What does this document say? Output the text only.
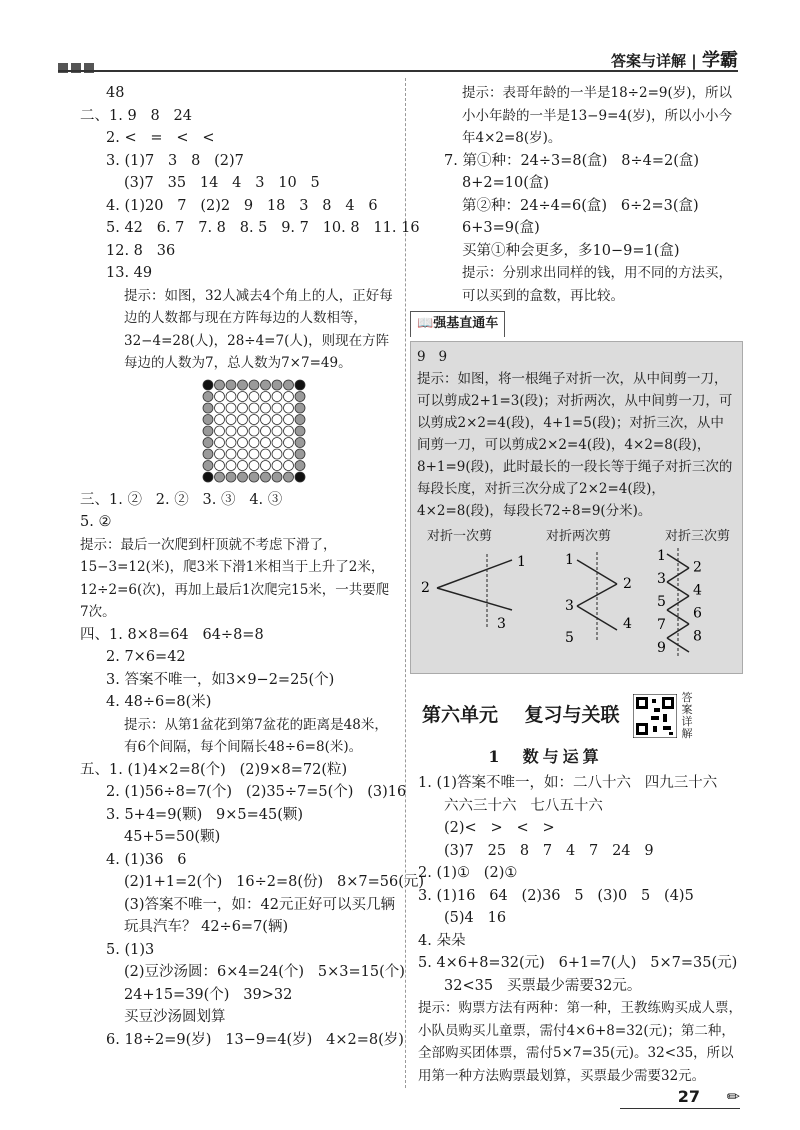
答案与详解 | 学霸
48
二、1. 9   8   24
2. <   =   <   <
3. (1)7   3   8   (2)7
(3)7   35   14   4   3   10   5
4. (1)20   7   (2)2   9   18   3   8   4   6
5. 42   6. 7   7. 8   8. 5   9. 7   10. 8   11. 16
12. 8   36
13. 49
提示：如图，32人减去4个角上的人，正好每边的人数都与现在方阵每边的人数相等，32−4=28(人)，28÷4=7(人)，则现在方阵每边的人数为7，总人数为7×7=49。
三、1. ②   2. ②   3. ③   4. ③
5. ②
提示：最后一次爬到杆顶就不考虑下滑了，15−3=12(米)，爬3米下滑1米相当于上升了2米，12÷2=6(次)，再加上最后1次爬完15米，一共要爬7次。
四、1. 8×8=64   64÷8=8
2. 7×6=42
3. 答案不唯一，如3×9−2=25(个)
4. 48÷6=8(米)
提示：从第1盆花到第7盆花的距离是48米，有6个间隔，每个间隔长48÷6=8(米)。
五、1. (1)4×2=8(个)   (2)9×8=72(粒)
2. (1)56÷8=7(个)   (2)35÷7=5(个)   (3)16
3. 5+4=9(颗)   9×5=45(颗)
45+5=50(颗)
4. (1)36   6
(2)1+1=2(个)   16÷2=8(份)   8×7=56(元)
(3)答案不唯一，如：42元正好可以买几辆玩具汽车？ 42÷6=7(辆)
5. (1)3
(2)豆沙汤圆：6×4=24(个)   5×3=15(个)
24+15=39(个)   39>32
买豆沙汤圆划算
6. 18÷2=9(岁)   13−9=4(岁)   4×2=8(岁)
提示：表哥年龄的一半是18÷2=9(岁)，所以小小年龄的一半是13−9=4(岁)，所以小小今年4×2=8(岁)。
7. 第①种：24÷3=8(盒)   8÷4=2(盒)
8+2=10(盒)
第②种：24÷4=6(盒)   6÷2=3(盒)
6+3=9(盒)
买第①种会更多，多10−9=1(盒)
提示：分别求出同样的钱，用不同的方法买，可以买到的盒数，再比较。
📖强基直通车
9   9
提示：如图，将一根绳子对折一次，从中间剪一刀，可以剪成2+1=3(段)；对折两次，从中间剪一刀，可以剪成2×2=4(段)，4+1=5(段)；对折三次，从中间剪一刀，可以剪成2×2=4(段)，4×2=8(段)，8+1=9(段)，此时最长的一段长等于绳子对折三次的每段长度，对折三次分成了2×2=4(段)，4×2=8(段)，每段长72÷8=9(分米)。
对折一次剪	对折两次剪	对折三次剪
1
2
3
1
2
3
4
5
1
2
3
4
5
6
7
8
9
第六单元    复习与关联
答案详解
1  数与运算
1. (1)答案不唯一，如：二八十六   四九三十六
六六三十六   七八五十六
(2)<   >   <   >
(3)7   25   8   7   4   7   24   9
2. (1)①   (2)①
3. (1)16   64   (2)36   5   (3)0   5   (4)5
(5)4   16
4. 朵朵
5. 4×6+8=32(元)   6+1=7(人)   5×7=35(元)
32<35   买票最少需要32元。
提示：购票方法有两种：第一种，王教练购买成人票，小队员购买儿童票，需付4×6+8=32(元)；第二种，全部购买团体票，需付5×7=35(元)。32<35，所以用第一种方法购票最划算，买票最少需要32元。
27 ✏
